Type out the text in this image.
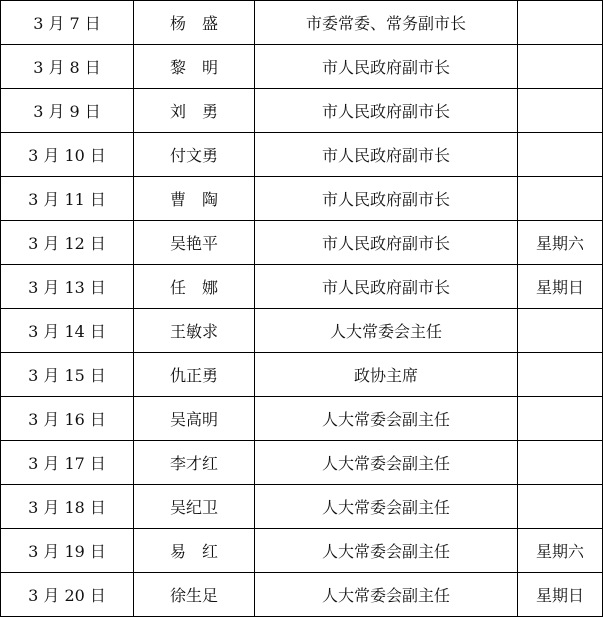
3 月 7 日	杨　盛	市委常委、常务副市长	
3 月 8 日	黎　明	市人民政府副市长	
3 月 9 日	刘　勇	市人民政府副市长	
3 月 10 日	付文勇	市人民政府副市长	
3 月 11 日	曹　陶	市人民政府副市长	
3 月 12 日	吴艳平	市人民政府副市长	星期六
3 月 13 日	任　娜	市人民政府副市长	星期日
3 月 14 日	王敏求	人大常委会主任	
3 月 15 日	仇正勇	政协主席	
3 月 16 日	吴高明	人大常委会副主任	
3 月 17 日	李才红	人大常委会副主任	
3 月 18 日	吴纪卫	人大常委会副主任	
3 月 19 日	易　红	人大常委会副主任	星期六
3 月 20 日	徐生足	人大常委会副主任	星期日
